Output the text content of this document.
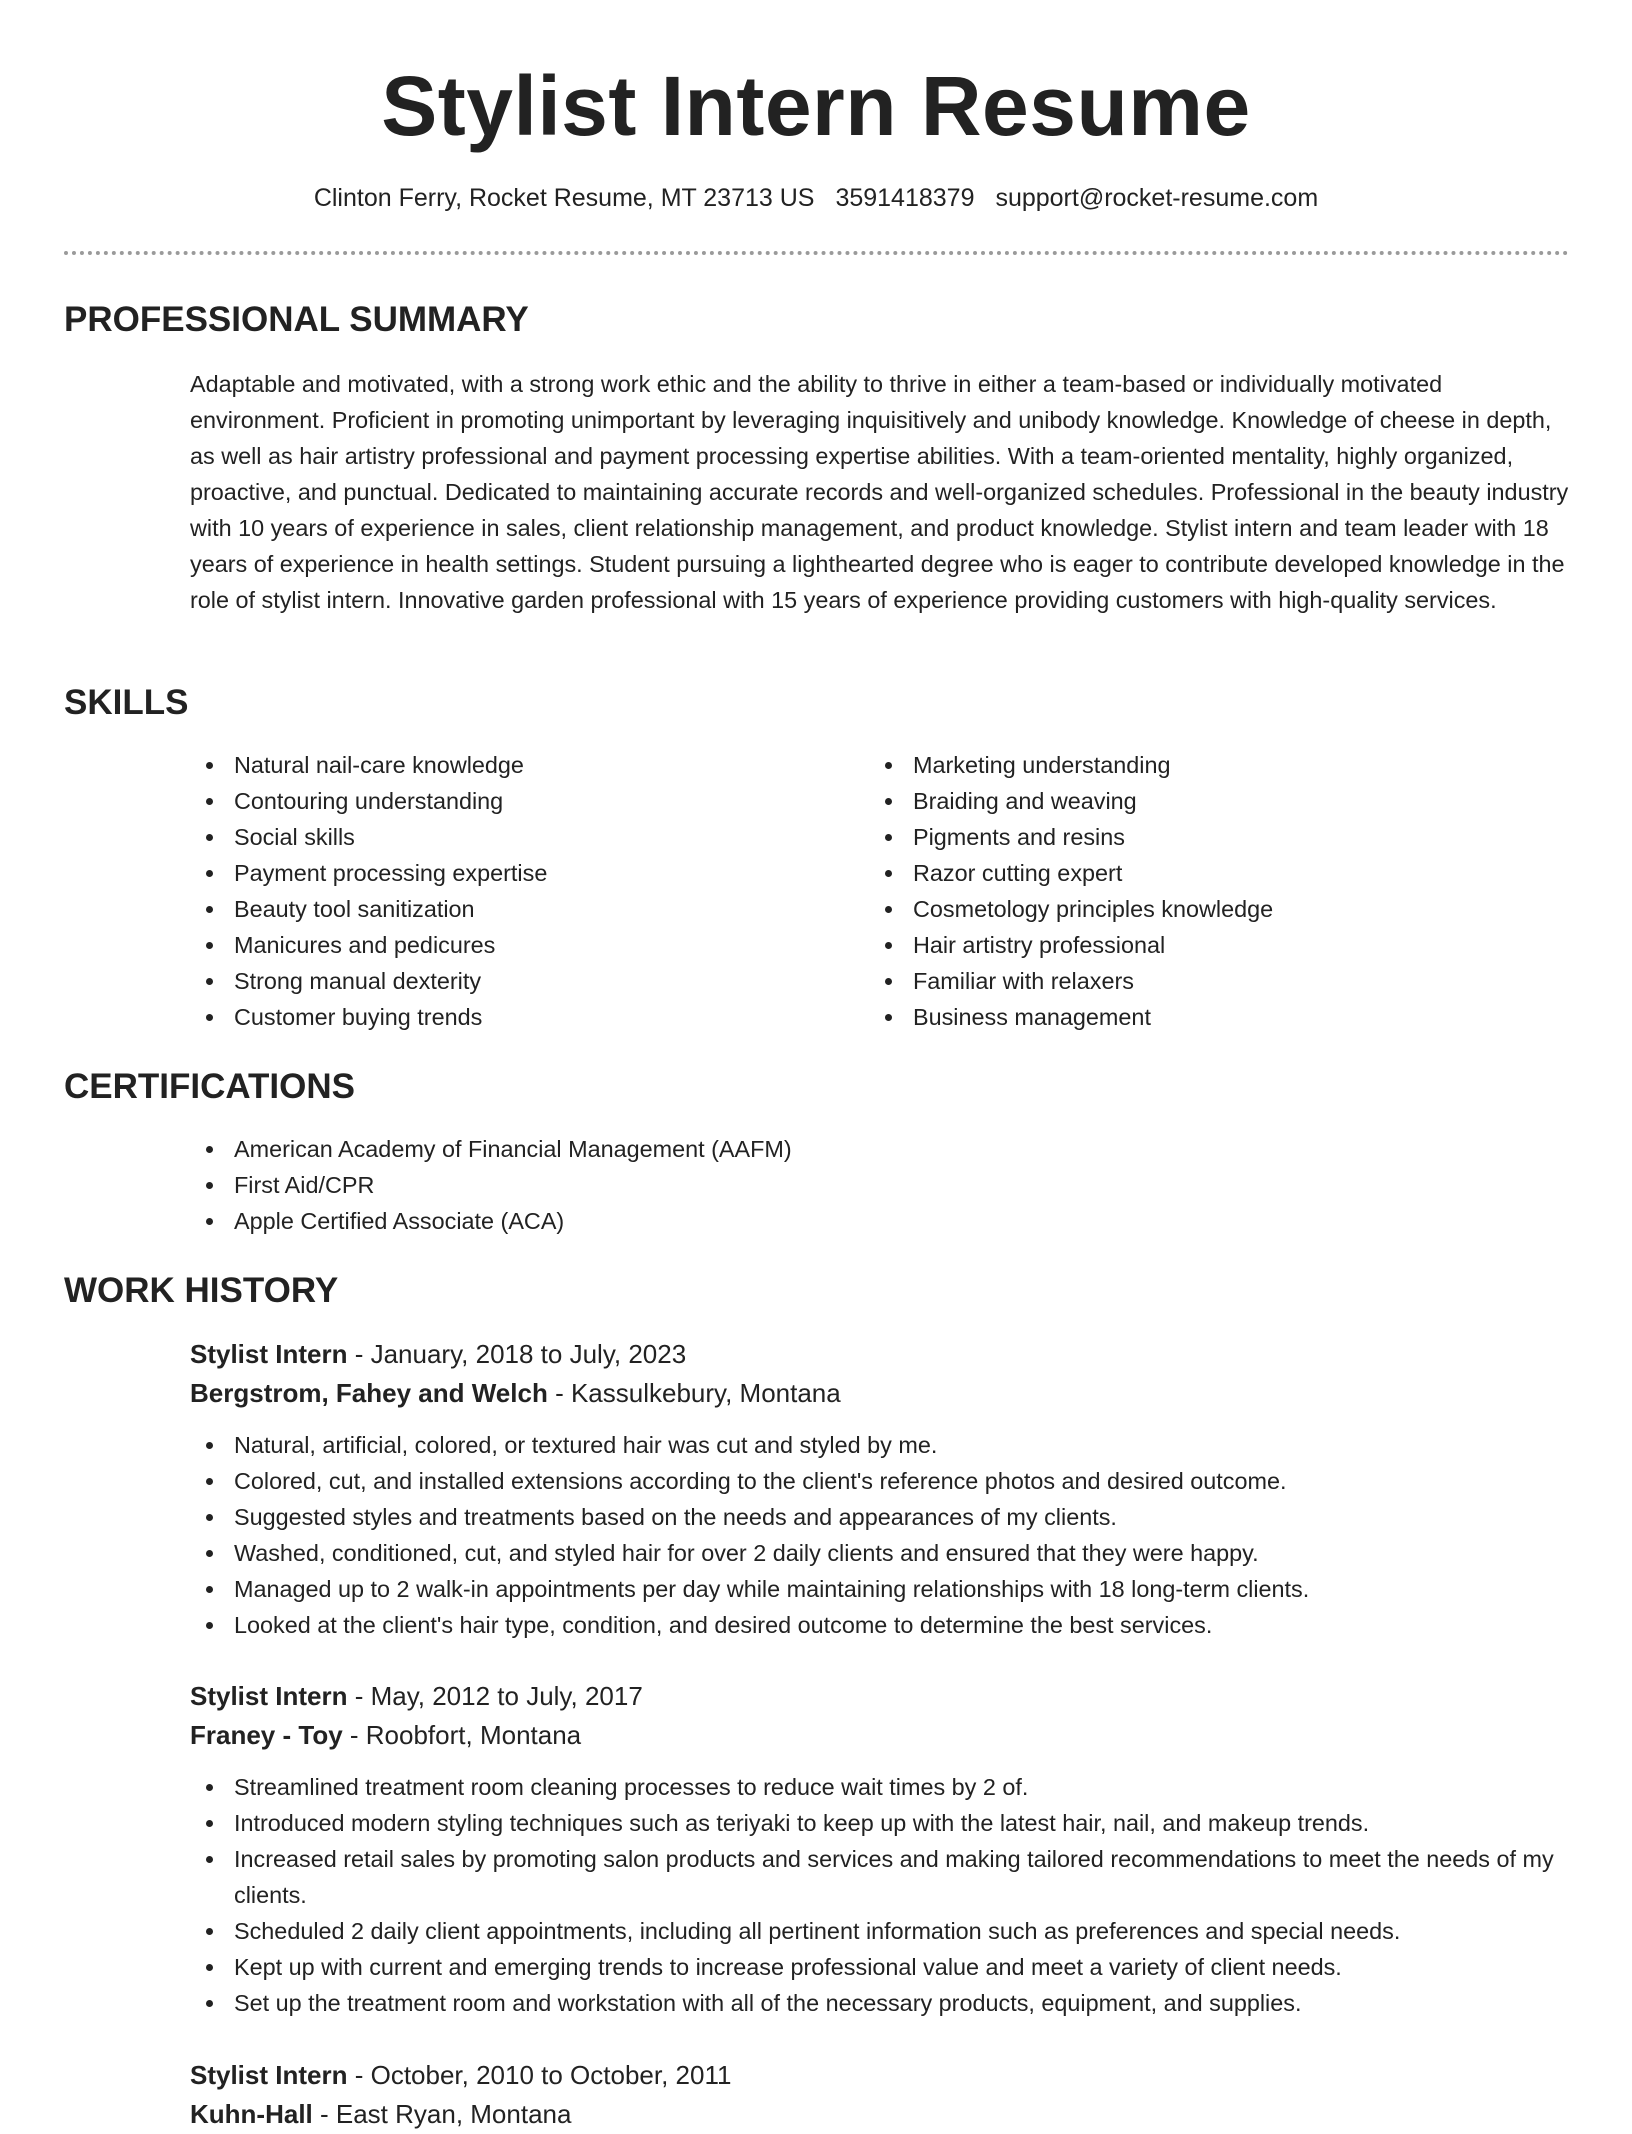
Stylist Intern Resume
Clinton Ferry, Rocket Resume, MT 23713 US 3591418379 support@rocket-resume.com
PROFESSIONAL SUMMARY

Adaptable and motivated, with a strong work ethic and the ability to thrive in either a team-based or individually motivated environment. Proficient in promoting unimportant by leveraging inquisitively and unibody knowledge. Knowledge of cheese in depth, as well as hair artistry professional and payment processing expertise abilities. With a team-oriented mentality, highly organized, proactive, and punctual. Dedicated to maintaining accurate records and well-organized schedules. Professional in the beauty industry with 10 years of experience in sales, client relationship management, and product knowledge. Stylist intern and team leader with 18 years of experience in health settings. Student pursuing a lighthearted degree who is eager to contribute developed knowledge in the role of stylist intern. Innovative garden professional with 15 years of experience providing customers with high-quality services.

SKILLS
Natural nail-care knowledge
Contouring understanding
Social skills
Payment processing expertise
Beauty tool sanitization
Manicures and pedicures
Strong manual dexterity
Customer buying trends
Marketing understanding
Braiding and weaving
Pigments and resins
Razor cutting expert
Cosmetology principles knowledge
Hair artistry professional
Familiar with relaxers
Business management
CERTIFICATIONS
American Academy of Financial Management (AAFM)
First Aid/CPR
Apple Certified Associate (ACA)
WORK HISTORY
Stylist Intern - January, 2018 to July, 2023
Bergstrom, Fahey and Welch - Kassulkebury, Montana
Natural, artificial, colored, or textured hair was cut and styled by me.
Colored, cut, and installed extensions according to the client's reference photos and desired outcome.
Suggested styles and treatments based on the needs and appearances of my clients.
Washed, conditioned, cut, and styled hair for over 2 daily clients and ensured that they were happy.
Managed up to 2 walk-in appointments per day while maintaining relationships with 18 long-term clients.
Looked at the client's hair type, condition, and desired outcome to determine the best services.
Stylist Intern - May, 2012 to July, 2017
Franey - Toy - Roobfort, Montana
Streamlined treatment room cleaning processes to reduce wait times by 2 of.
Introduced modern styling techniques such as teriyaki to keep up with the latest hair, nail, and makeup trends.
Increased retail sales by promoting salon products and services and making tailored recommendations to meet the needs of my clients.
Scheduled 2 daily client appointments, including all pertinent information such as preferences and special needs.
Kept up with current and emerging trends to increase professional value and meet a variety of client needs.
Set up the treatment room and workstation with all of the necessary products, equipment, and supplies.
Stylist Intern - October, 2010 to October, 2011
Kuhn-Hall - East Ryan, Montana
